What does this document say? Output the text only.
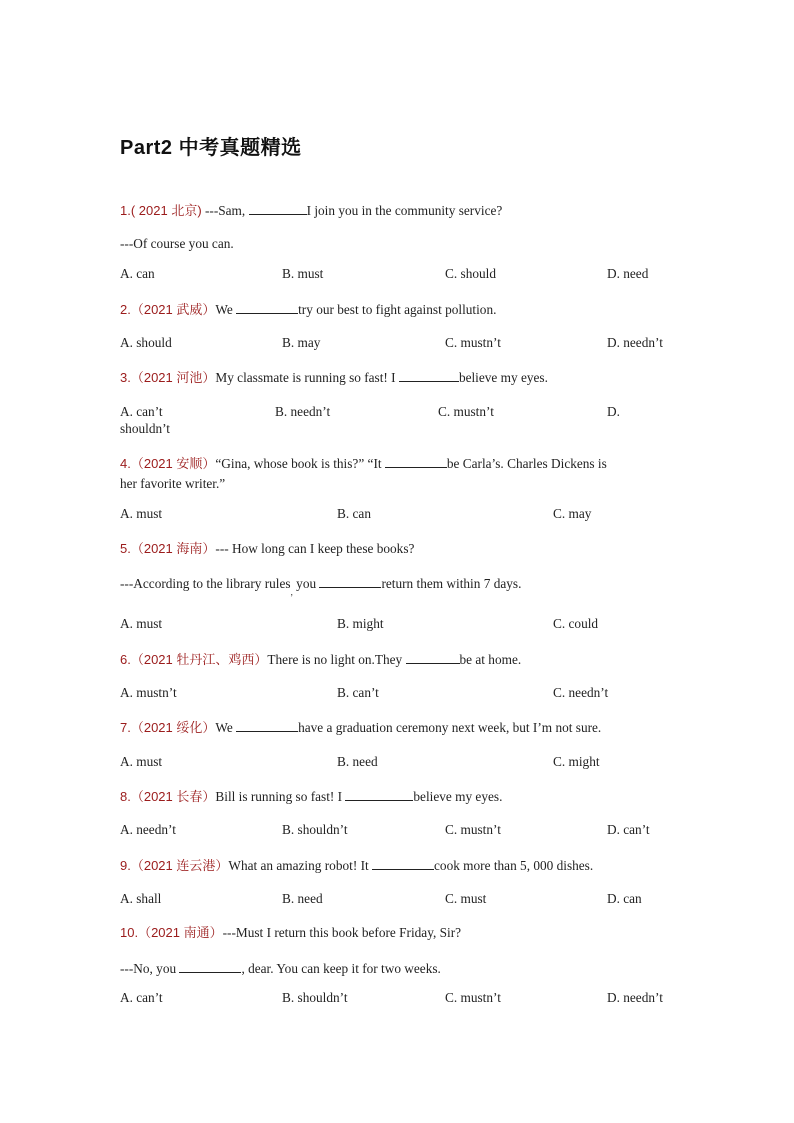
Part2 中考真题精选
1.( 2021 北京) ---Sam,	I join you in the community service?
---Of course you can.
A. can	B. must	C. should	D. need
2.（2021 武威）We	try our best to fight against pollution.
A. should	B. may	C. mustn’t	D. needn’t
3.（2021 河池）My classmate is running so fast! I	believe my eyes.
A. can’t	B. needn’t	C. mustn’t	D.
shouldn’t
4.（2021 安顺）“Gina, whose book is this?” “It	be Carla’s. Charles Dickens is
her favorite writer.”
A. must	B. can	C. may
5.（2021 海南）--- How long can I keep these books?
---According to the library rules$_,$ you	return them within 7 days.
A. must	B. might	C. could
6.（2021 牡丹江、鸡西）There is no light on.They	be at home.
A. mustn’t	B. can’t	C. needn’t
7.（2021 绥化）We	have a graduation ceremony next week, but I’m not sure.
A. must	B. need	C. might
8.（2021 长春）Bill is running so fast! I	believe my eyes.
A. needn’t	B. shouldn’t	C. mustn’t	D. can’t
9.（2021 连云港）What an amazing robot! It	cook more than 5, 000 dishes.
A. shall	B. need	C. must	D. can
10.（2021 南通）---Must I return this book before Friday, Sir?
---No, you	, dear. You can keep it for two weeks.
A. can’t	B. shouldn’t	C. mustn’t	D. needn’t
